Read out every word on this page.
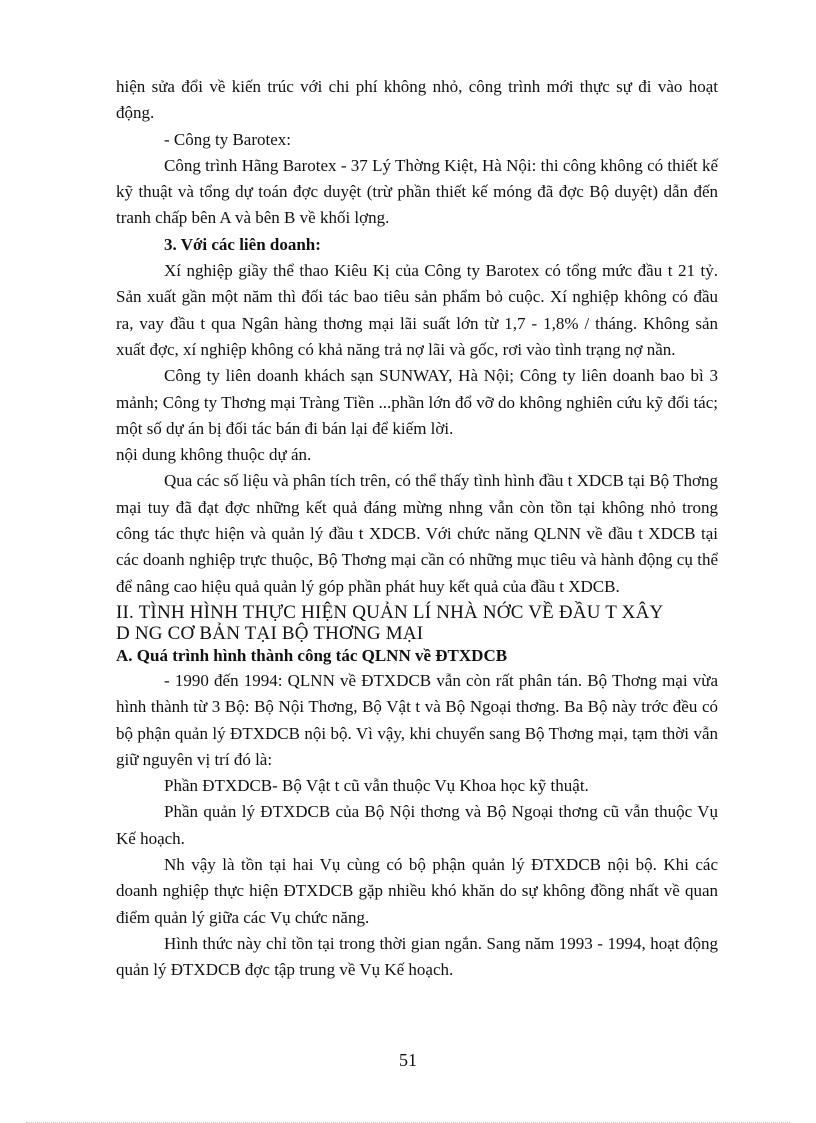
hiện sửa đổi về kiến trúc với chi phí không nhỏ, công trình mới thực sự đi vào hoạt động.

- Công ty Barotex:

Công trình Hãng Barotex - 37 Lý Thờng Kiệt, Hà Nội: thi công không có thiết kế kỹ thuật và tổng dự toán đợc duyệt (trừ phần thiết kế móng đã đợc Bộ duyệt) dẫn đến tranh chấp bên A và bên B về khối lợng.

3. Với các liên doanh:

Xí nghiệp giầy thể thao Kiêu Kị của Công ty Barotex có tổng mức đầu t 21 tỷ. Sản xuất gần một năm thì đối tác bao tiêu sản phẩm bỏ cuộc. Xí nghiệp không có đầu ra, vay đầu t qua Ngân hàng thơng mại lãi suất lớn từ 1,7 - 1,8% / tháng. Không sản xuất đợc, xí nghiệp không có khả năng trả nợ lãi và gốc, rơi vào tình trạng nợ nần.

Công ty liên doanh khách sạn SUNWAY, Hà Nội; Công ty liên doanh bao bì 3 mảnh; Công ty Thơng mại Tràng Tiền ...phần lớn đổ vỡ do không nghiên cứu kỹ đối tác; một số dự án bị đối tác bán đi bán lại để kiếm lời.

nội dung không thuộc dự án.

Qua các số liệu và phân tích trên, có thể thấy tình hình đầu t XDCB tại Bộ Thơng mại tuy đã đạt đợc những kết quả đáng mừng nhng vẫn còn tồn tại không nhỏ trong công tác thực hiện và quản lý đầu t XDCB. Với chức năng QLNN về đầu t XDCB tại các doanh nghiệp trực thuộc, Bộ Thơng mại cần có những mục tiêu và hành động cụ thể để nâng cao hiệu quả quản lý góp phần phát huy kết quả của đầu t XDCB.

II. TÌNH HÌNH THỰC HIỆN QUẢN LÍ NHÀ NỚC VỀ ĐẦU T XÂY
D NG CƠ BẢN TẠI BỘ THƠNG MẠI
A. Quá trình hình thành công tác QLNN về ĐTXDCB

- 1990 đến 1994: QLNN về ĐTXDCB vẫn còn rất phân tán. Bộ Thơng mại vừa hình thành từ 3 Bộ: Bộ Nội Thơng, Bộ Vật t và Bộ Ngoại thơng. Ba Bộ này trớc đều có bộ phận quản lý ĐTXDCB nội bộ. Vì vậy, khi chuyển sang Bộ Thơng mại, tạm thời vẫn giữ nguyên vị trí đó là:

Phần ĐTXDCB- Bộ Vật t cũ vẫn thuộc Vụ Khoa học kỹ thuật.

Phần quản lý ĐTXDCB của Bộ Nội thơng và Bộ Ngoại thơng cũ vẫn thuộc Vụ Kế hoạch.

Nh vậy là tồn tại hai Vụ cùng có bộ phận quản lý ĐTXDCB nội bộ. Khi các doanh nghiệp thực hiện ĐTXDCB gặp nhiều khó khăn do sự không đồng nhất về quan điểm quản lý giữa các Vụ chức năng.

Hình thức này chỉ tồn tại trong thời gian ngắn. Sang năm 1993 - 1994, hoạt động quản lý ĐTXDCB đợc tập trung về Vụ Kế hoạch.

51
